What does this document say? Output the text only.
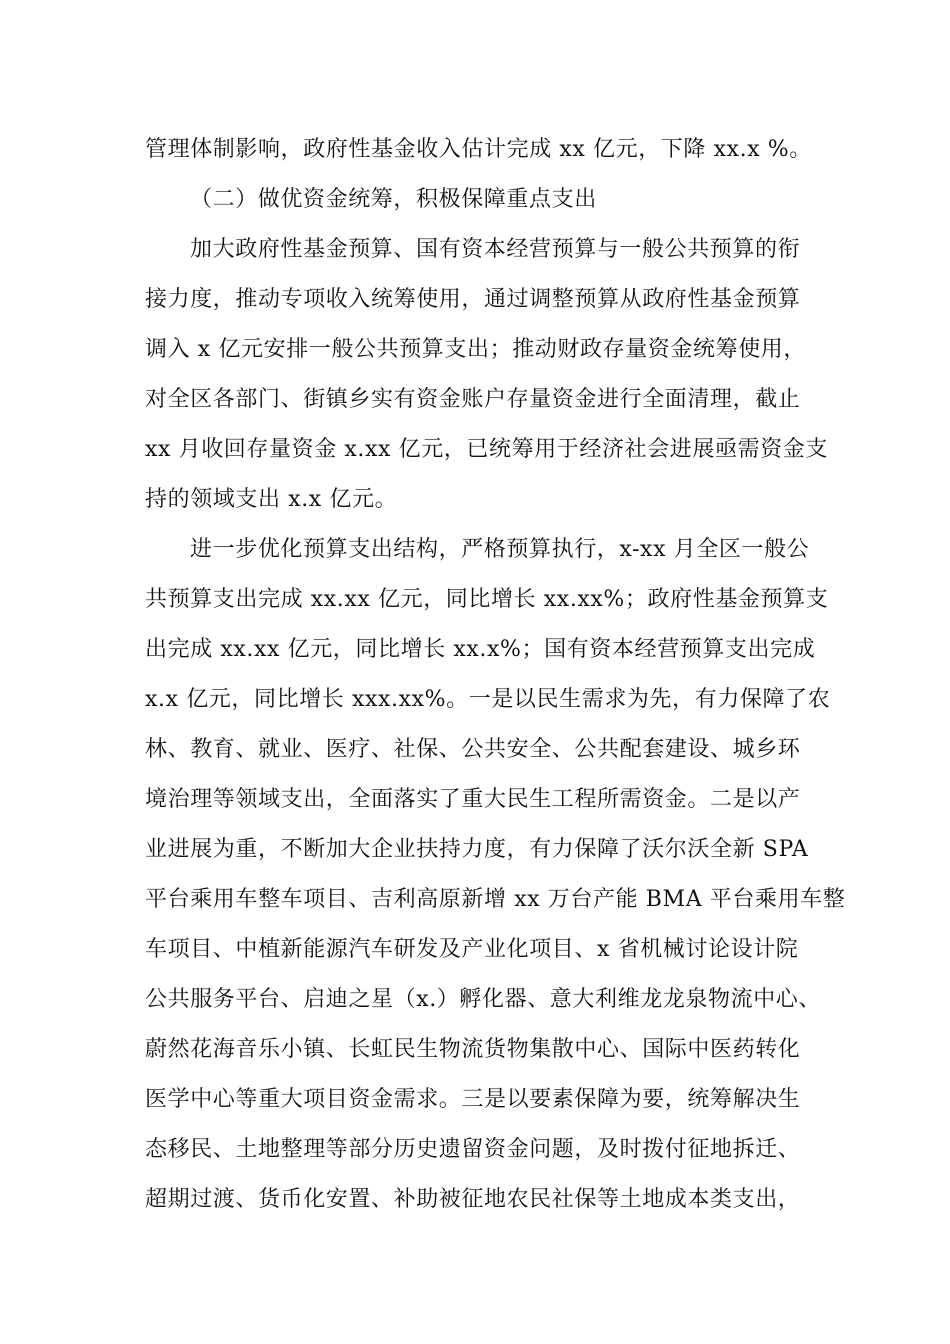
管理体制影响，政府性基金收入估计完成 xx 亿元，下降 xx.x %。
（二）做优资金统筹，积极保障重点支出
加大政府性基金预算、国有资本经营预算与一般公共预算的衔
接力度，推动专项收入统筹使用，通过调整预算从政府性基金预算
调入 x 亿元安排一般公共预算支出；推动财政存量资金统筹使用，
对全区各部门、街镇乡实有资金账户存量资金进行全面清理，截止
xx 月收回存量资金 x.xx 亿元，已统筹用于经济社会进展亟需资金支
持的领域支出 x.x 亿元。
进一步优化预算支出结构，严格预算执行，x-xx 月全区一般公
共预算支出完成 xx.xx 亿元，同比增长 xx.xx%；政府性基金预算支
出完成 xx.xx 亿元，同比增长 xx.x%；国有资本经营预算支出完成
x.x 亿元，同比增长 xxx.xx%。一是以民生需求为先，有力保障了农
林、教育、就业、医疗、社保、公共安全、公共配套建设、城乡环
境治理等领域支出，全面落实了重大民生工程所需资金。二是以产
业进展为重，不断加大企业扶持力度，有力保障了沃尔沃全新 SPA
平台乘用车整车项目、吉利高原新增 xx 万台产能 BMA 平台乘用车整
车项目、中植新能源汽车研发及产业化项目、x 省机械讨论设计院
公共服务平台、启迪之星（x.）孵化器、意大利维龙龙泉物流中心、
蔚然花海音乐小镇、长虹民生物流货物集散中心、国际中医药转化
医学中心等重大项目资金需求。三是以要素保障为要，统筹解决生
态移民、土地整理等部分历史遗留资金问题，及时拨付征地拆迁、
超期过渡、货币化安置、补助被征地农民社保等土地成本类支出，
